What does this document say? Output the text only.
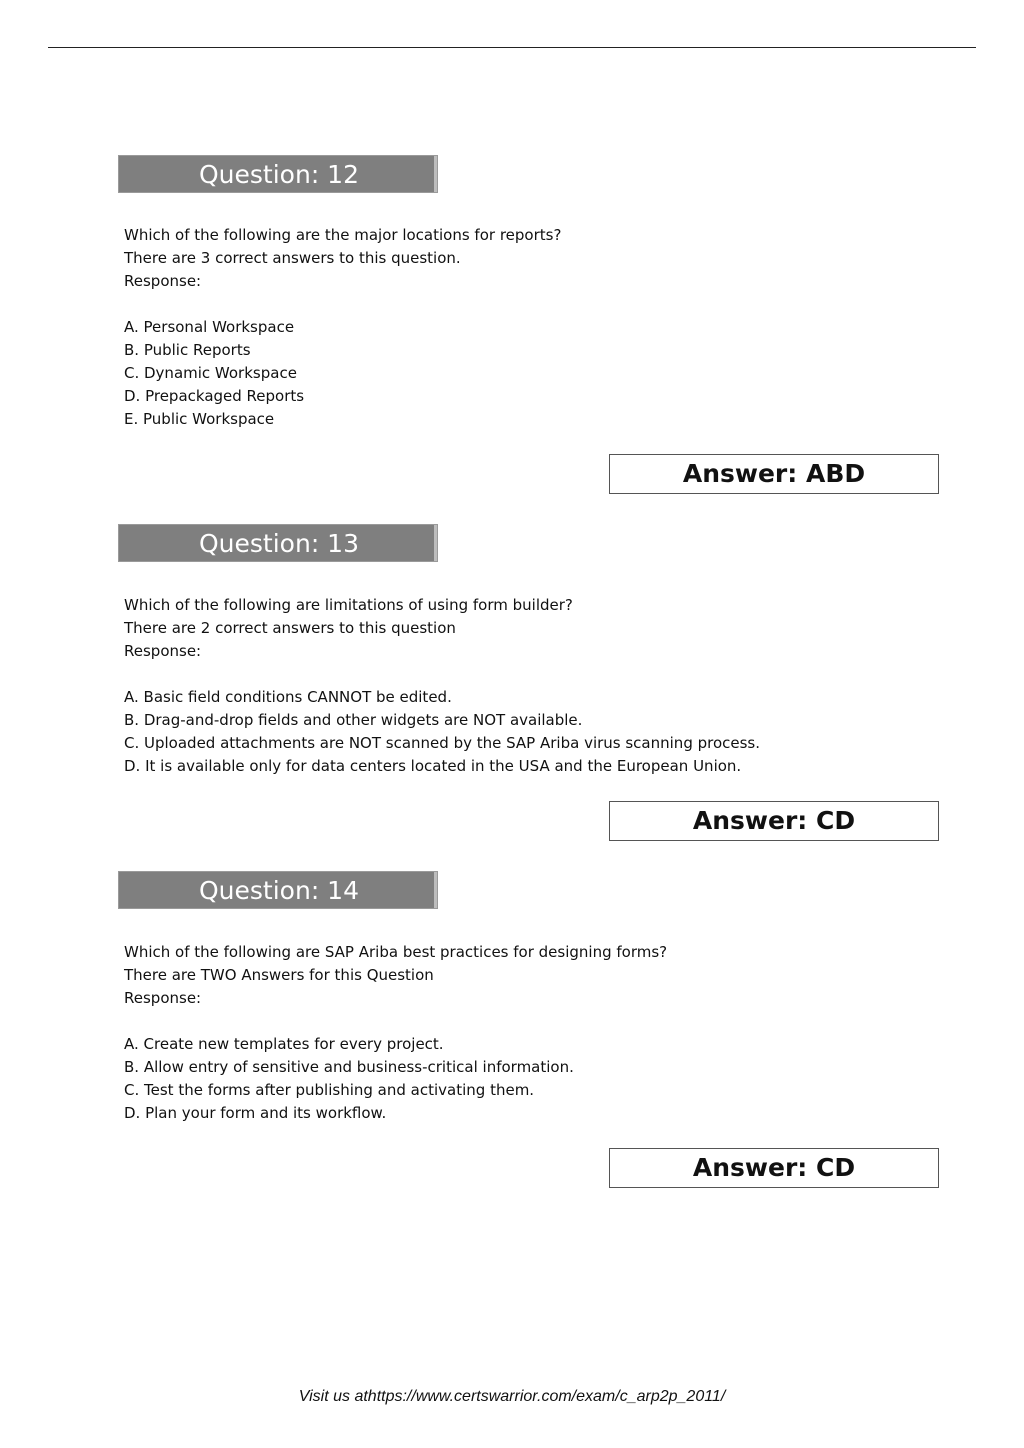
Question: 12
Which of the following are the major locations for reports?
There are 3 correct answers to this question.
Response:
A. Personal Workspace
B. Public Reports
C. Dynamic Workspace
D. Prepackaged Reports
E. Public Workspace
Answer: ABD
Question: 13
Which of the following are limitations of using form builder?
There are 2 correct answers to this question
Response:
A. Basic field conditions CANNOT be edited.
B. Drag-and-drop fields and other widgets are NOT available.
C. Uploaded attachments are NOT scanned by the SAP Ariba virus scanning process.
D. It is available only for data centers located in the USA and the European Union.
Answer: CD
Question: 14
Which of the following are SAP Ariba best practices for designing forms?
There are TWO Answers for this Question
Response:
A. Create new templates for every project.
B. Allow entry of sensitive and business-critical information.
C. Test the forms after publishing and activating them.
D. Plan your form and its workflow.
Answer: CD
Visit us athttps://www.certswarrior.com/exam/c_arp2p_2011/
